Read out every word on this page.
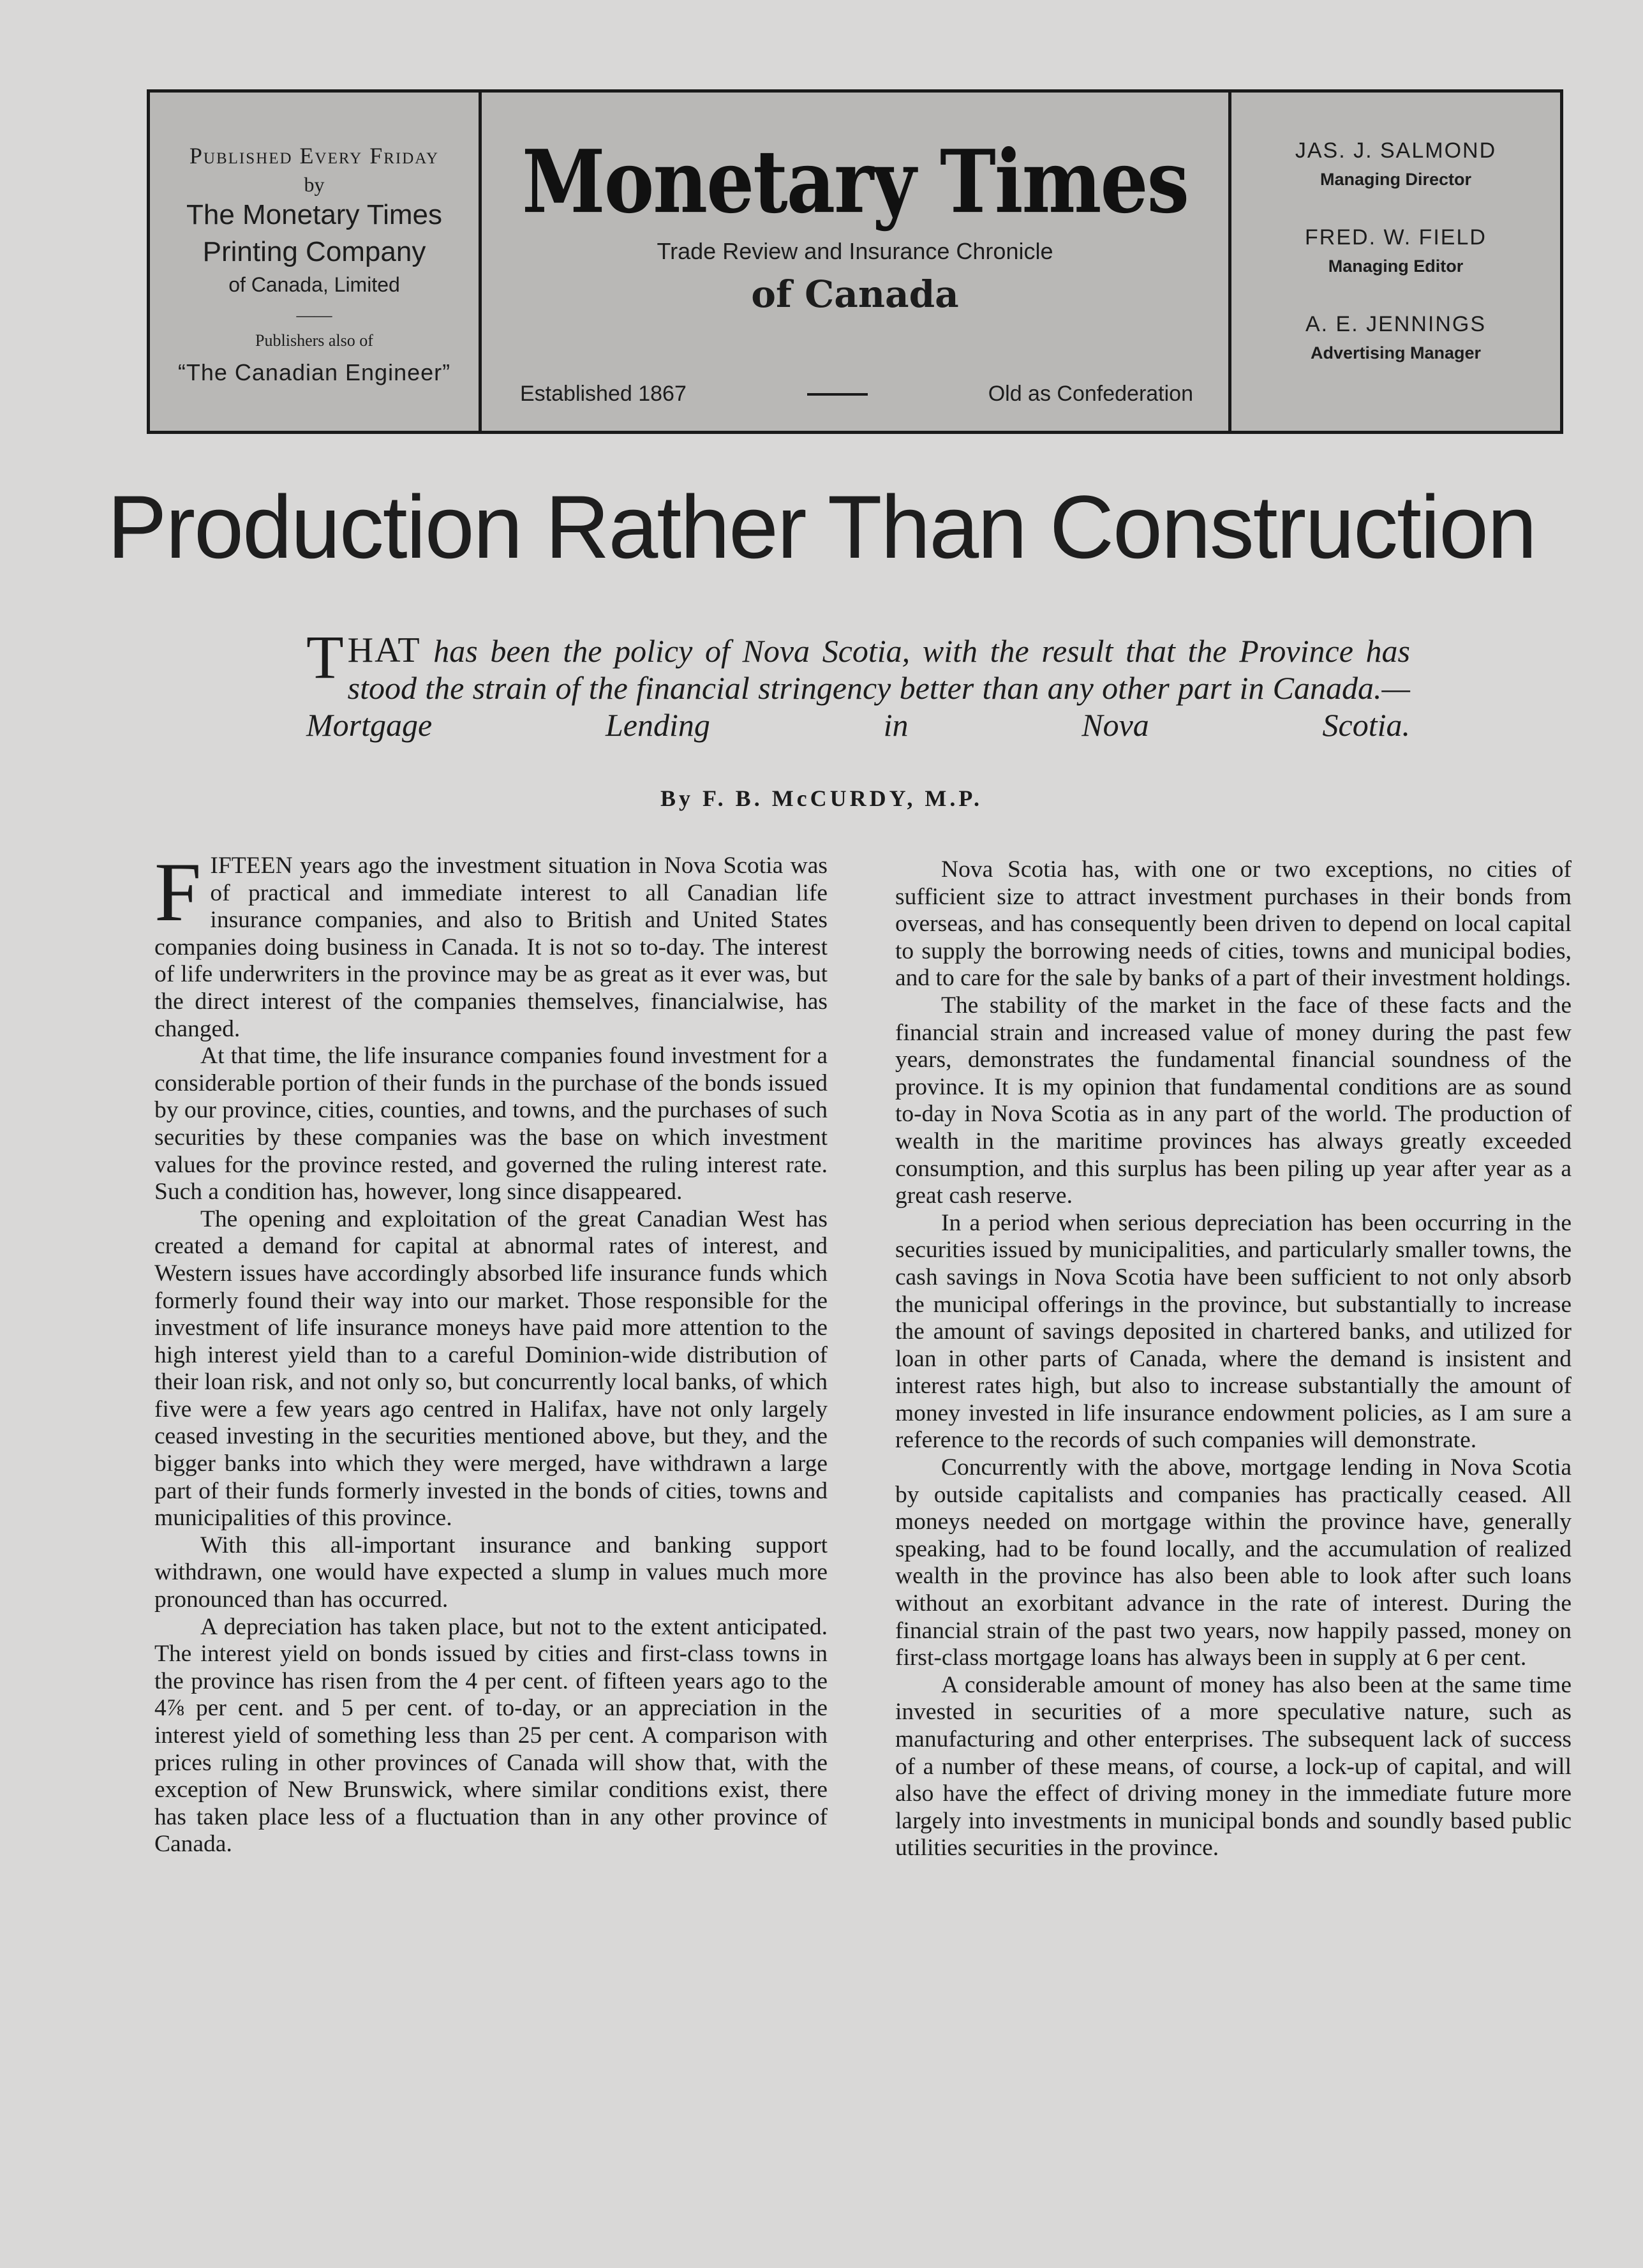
Published Every Friday
by
The Monetary Times
Printing Company
of Canada, Limited
——
Publishers also of
“The Canadian Engineer”
Monetary Times
Trade Review and Insurance Chronicle
of Canada
Established 1867	Old as Confederation
JAS. J. SALMOND
Managing Director
FRED. W. FIELD
Managing Editor
A. E. JENNINGS
Advertising Manager
Production Rather Than Construction
THAT has been the policy of Nova Scotia, with the result that the Province has stood the strain of the financial stringency better than any other part in Canada.—Mortgage Lending in Nova Scotia.
By F. B. McCURDY, M.P.

FIFTEEN years ago the investment situation in Nova Scotia was of practical and immediate interest to all Canadian life insurance companies, and also to British and United States companies doing business in Canada. It is not so to-day. The interest of life underwriters in the province may be as great as it ever was, but the direct interest of the companies themselves, financialwise, has changed.

At that time, the life insurance companies found investment for a considerable portion of their funds in the purchase of the bonds issued by our province, cities, counties, and towns, and the purchases of such securities by these companies was the base on which investment values for the province rested, and governed the ruling interest rate. Such a condition has, however, long since disappeared.

The opening and exploitation of the great Canadian West has created a demand for capital at abnormal rates of interest, and Western issues have accordingly absorbed life insurance funds which formerly found their way into our market. Those responsible for the investment of life insurance moneys have paid more attention to the high interest yield than to a careful Dominion-wide distribution of their loan risk, and not only so, but concurrently local banks, of which five were a few years ago centred in Halifax, have not only largely ceased investing in the securities mentioned above, but they, and the bigger banks into which they were merged, have withdrawn a large part of their funds formerly invested in the bonds of cities, towns and municipalities of this province.

With this all-important insurance and banking support withdrawn, one would have expected a slump in values much more pronounced than has occurred.

A depreciation has taken place, but not to the extent anticipated. The interest yield on bonds issued by cities and first-class towns in the province has risen from the 4 per cent. of fifteen years ago to the 4⅞ per cent. and 5 per cent. of to-day, or an appreciation in the interest yield of something less than 25 per cent. A comparison with prices ruling in other provinces of Canada will show that, with the exception of New Brunswick, where similar conditions exist, there has taken place less of a fluctuation than in any other province of Canada.

Nova Scotia has, with one or two exceptions, no cities of sufficient size to attract investment purchases in their bonds from overseas, and has consequently been driven to depend on local capital to supply the borrowing needs of cities, towns and municipal bodies, and to care for the sale by banks of a part of their investment holdings.

The stability of the market in the face of these facts and the financial strain and increased value of money during the past few years, demonstrates the fundamental financial soundness of the province. It is my opinion that fundamental conditions are as sound to-day in Nova Scotia as in any part of the world. The production of wealth in the maritime provinces has always greatly exceeded consumption, and this surplus has been piling up year after year as a great cash reserve.

In a period when serious depreciation has been occurring in the securities issued by municipalities, and particularly smaller towns, the cash savings in Nova Scotia have been sufficient to not only absorb the municipal offerings in the province, but substantially to increase the amount of savings deposited in chartered banks, and utilized for loan in other parts of Canada, where the demand is insistent and interest rates high, but also to increase substantially the amount of money invested in life insurance endowment policies, as I am sure a reference to the records of such companies will demonstrate.

Concurrently with the above, mortgage lending in Nova Scotia by outside capitalists and companies has practically ceased. All moneys needed on mortgage within the province have, generally speaking, had to be found locally, and the accumulation of realized wealth in the province has also been able to look after such loans without an exorbitant advance in the rate of interest. During the financial strain of the past two years, now happily passed, money on first-class mortgage loans has always been in supply at 6 per cent.

A considerable amount of money has also been at the same time invested in securities of a more speculative nature, such as manufacturing and other enterprises. The subsequent lack of success of a number of these means, of course, a lock-up of capital, and will also have the effect of driving money in the immediate future more largely into investments in municipal bonds and soundly based public utilities securities in the province.
